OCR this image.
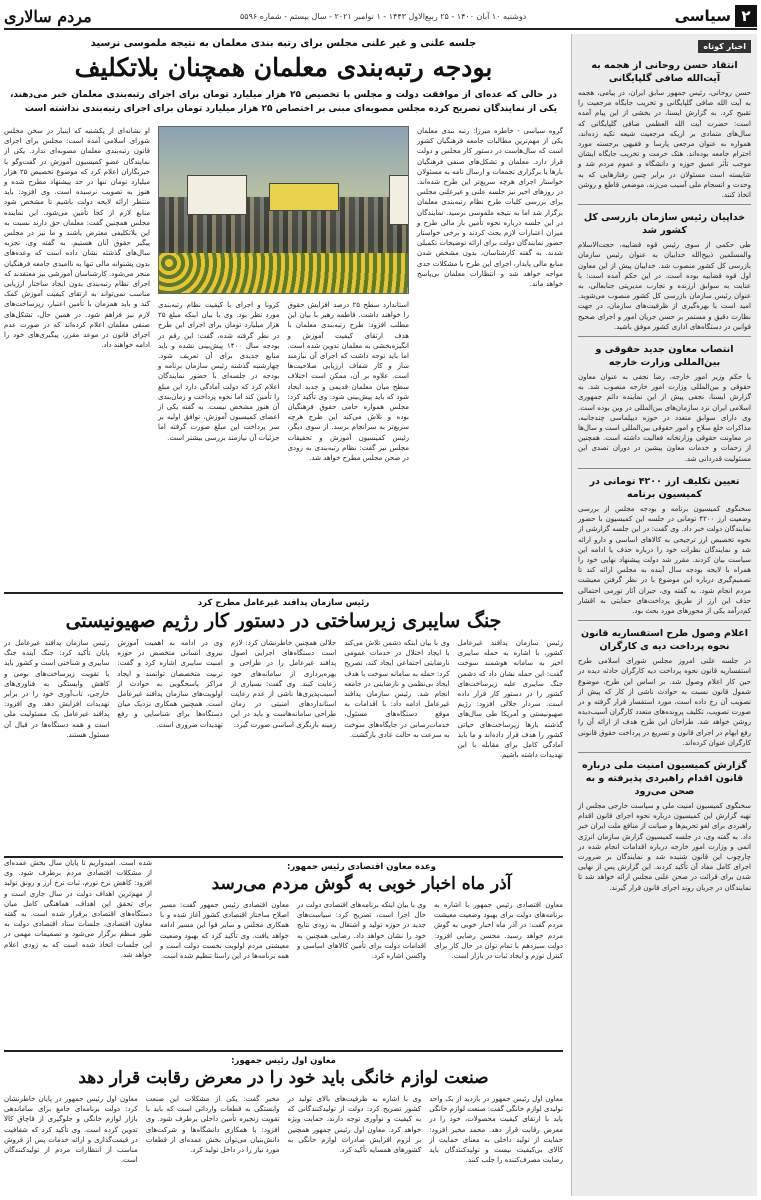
۲
سیاسی
دوشنبه ۱۰ آبان ۱۴۰۰ - ۲۵ ربیع‌الاول ۱۴۴۳ - ۱ نوامبر ۲۰۲۱ - سال بیستم - شماره ۵۵۹۶
مردم سالاری
اخبار کوتاه
انتقاد حسن روحانی از هجمه به آیت‌الله صافی گلپایگانی
حسن روحانی، رئیس جمهور سابق ایران، در پیامی، هجمه به آیت الله صافی گلپایگانی و تخریب جایگاه مرجعیت را تقبیح کرد. به گزارش ایسنا، در بخشی از این پیام آمده است: حضرت آیت الله العظمی صافی گلپایگانی که سال‌های متمادی بر اریکه مرجعیت شیعه تکیه زده‌اند، همواره به عنوان مرجعی پارسا و فقیهی برجسته مورد احترام جامعه بوده‌اند. هتک حرمت و تخریب جایگاه ایشان موجب تأثر عمیق حوزه و دانشگاه و عموم مردم شد و شایسته است مسئولان در برابر چنین رفتارهایی که به وحدت و انسجام ملی آسیب می‌زند، موضعی قاطع و روشن اتخاذ کنند.
خداپیان رئیس سازمان بازرسی کل کشور شد
طی حکمی از سوی رئیس قوه قضاییه، حجت‌الاسلام والمسلمین ذبیح‌الله خداییان به عنوان رئیس سازمان بازرسی کل کشور منصوب شد. خداییان پیش از این معاون اول قوه قضاییه بوده است. در این حکم آمده است: با عنایت به سوابق ارزنده و تجارب مدیریتی جنابعالی، به عنوان رئیس سازمان بازرسی کل کشور منصوب می‌شوید. امید است با بهره‌گیری از ظرفیت‌های سازمان، در جهت نظارت دقیق و مستمر بر حسن جریان امور و اجرای صحیح قوانین در دستگاه‌های اداری کشور موفق باشید.
انتصاب معاون جدید حقوقی و بین‌المللی وزارت خارجه
با حکم وزیر امور خارجه، رضا نجفی به عنوان معاون حقوقی و بین‌المللی وزارت امور خارجه منصوب شد. به گزارش ایسنا، نجفی پیش از این نماینده دائم جمهوری اسلامی ایران نزد سازمان‌های بین‌المللی در وین بوده است. وی دارای سوابق متعدد در حوزه دیپلماسی چندجانبه، مذاکرات خلع سلاح و امور حقوقی بین‌المللی است و سال‌ها در معاونت حقوقی وزارتخانه فعالیت داشته است. همچنین از زحمات و خدمات معاون پیشین در دوران تصدی این مسئولیت قدردانی شد.
تعیین تکلیف ارز ۴۲۰۰ تومانی در کمیسیون برنامه
سخنگوی کمیسیون برنامه و بودجه مجلس از بررسی وضعیت ارز ۴۲۰۰ تومانی در جلسه این کمیسیون با حضور نمایندگان دولت خبر داد. وی گفت: در این جلسه گزارشی از نحوه تخصیص ارز ترجیحی به کالاهای اساسی و دارو ارائه شد و نمایندگان نظرات خود را درباره حذف یا ادامه این سیاست بیان کردند. مقرر شد دولت پیشنهاد نهایی خود را همراه با لایحه بودجه سال آینده به مجلس ارائه کند تا تصمیم‌گیری درباره این موضوع با در نظر گرفتن معیشت مردم انجام شود. به گفته وی، جبران آثار تورمی احتمالی حذف این ارز از طریق پرداخت‌های حمایتی به اقشار کم‌درآمد یکی از محورهای مورد بحث بود.
اعلام وصول طرح استفساریه قانون نحوه پرداخت دیه ی کارگران
در جلسه علنی امروز مجلس شورای اسلامی طرح استفساریه قانون نحوه پرداخت دیه کارگران حادثه دیده در حین کار اعلام وصول شد. بر اساس این طرح، موضوع شمول قانون نسبت به حوادث ناشی از کار که پیش از تصویب آن رخ داده است، مورد استفسار قرار گرفته و در صورت تصویب، تکلیف پرونده‌های متعدد کارگران آسیب‌دیده روشن خواهد شد. طراحان این طرح هدف از ارائه آن را رفع ابهام در اجرای قانون و تسریع در پرداخت حقوق قانونی کارگران عنوان کرده‌اند.
گزارش کمیسیون امنیت ملی درباره قانون اقدام راهبردی پذیرفته و به صحن می‌رود
سخنگوی کمیسیون امنیت ملی و سیاست خارجی مجلس از تهیه گزارش این کمیسیون درباره نحوه اجرای قانون اقدام راهبردی برای لغو تحریم‌ها و صیانت از منافع ملت ایران خبر داد. به گفته وی، در جلسه کمیسیون گزارش سازمان انرژی اتمی و وزارت امور خارجه درباره اقدامات انجام شده در چارچوب این قانون شنیده شد و نمایندگان بر ضرورت اجرای کامل مفاد آن تأکید کردند. این گزارش پس از نهایی شدن برای قرائت در صحن علنی مجلس ارائه خواهد شد تا نمایندگان در جریان روند اجرای قانون قرار گیرند.
جلسه علنی و غیر علنی مجلس برای رتبه بندی معلمان به نتیجه ملموسی نرسید
بودجه رتبه‌بندی معلمان همچنان بلاتکلیف
در حالی که عده‌ای از موافقت دولت و مجلس با تخصیص ۲۵ هزار میلیارد تومان برای اجرای رتبه‌بندی معلمان خبر می‌دهند، یکی از نمایندگان تصریح کرده مجلس مصوبه‌ای مبنی بر اختصاص ۲۵ هزار میلیارد تومان برای اجرای رتبه‌بندی نداشته است
گروه سیاسی - خاطره میرزا: رتبه بندی معلمان یکی از مهم‌ترین مطالبات جامعه فرهنگیان کشور است که سال‌هاست در دستور کار مجلس و دولت قرار دارد. معلمان و تشکل‌های صنفی فرهنگیان بارها با برگزاری تجمعات و ارسال نامه به مسئولان خواستار اجرای هرچه سریع‌تر این طرح شده‌اند. در روزهای اخیر نیز جلسه علنی و غیرعلنی مجلس برای بررسی کلیات طرح نظام رتبه‌بندی معلمان برگزار شد اما به نتیجه ملموسی نرسید. نمایندگان در این جلسه درباره نحوه تأمین بار مالی طرح و میزان اعتبارات لازم بحث کردند و برخی خواستار حضور نمایندگان دولت برای ارائه توضیحات تکمیلی شدند. به گفته کارشناسان، بدون مشخص شدن منابع مالی پایدار، اجرای این طرح با مشکلات جدی مواجه خواهد شد و انتظارات معلمان بی‌پاسخ خواهد ماند.
استاندارد سطح ۲۵ درصد افزایش حقوق را خواهند داشت. فاطمه رهبر با بیان این مطلب افزود: طرح رتبه‌بندی معلمان با هدف ارتقای کیفیت آموزش و انگیزه‌بخشی به معلمان تدوین شده است. اما باید توجه داشت که اجرای آن نیازمند ساز و کار شفاف ارزیابی صلاحیت‌ها است. علاوه بر آن، ممکن است اختلاف سطح میان معلمان قدیمی و جدید ایجاد شود که باید پیش‌بینی شود. وی تأکید کرد: مجلس همواره حامی حقوق فرهنگیان بوده و تلاش می‌کند این طرح هرچه سریع‌تر به سرانجام برسد. از سوی دیگر، رئیس کمیسیون آموزش و تحقیقات مجلس نیز گفت: نظام رتبه‌بندی به زودی در صحن مجلس مطرح خواهد شد.
کرونا و اجرای با کیفیت نظام رتبه‌بندی مورد نظر بود. وی با بیان اینکه مبلغ ۲۵ هزار میلیارد تومان برای اجرای این طرح در نظر گرفته شده، گفت: این رقم در بودجه سال ۱۴۰۰ پیش‌بینی نشده و باید منابع جدیدی برای آن تعریف شود. چهارشنبه گذشته رئیس سازمان برنامه و بودجه در جلسه‌ای با حضور نمایندگان اعلام کرد که دولت آمادگی دارد این مبلغ را تأمین کند اما نحوه پرداخت و زمان‌بندی آن هنوز مشخص نیست. به گفته یکی از اعضای کمیسیون آموزش، توافق اولیه بر سر پرداخت این مبلغ صورت گرفته اما جزئیات آن نیازمند بررسی بیشتر است.
او نشانه‌ای از یکشنبه که اینبار در سخن مجلس شورای اسلامی آمده است: مجلس برای اجرای قانون رتبه‌بندی معلمان مصوبه‌ای ندارد. یکی از نمایندگان عضو کمیسیون آموزش در گفت‌وگو با خبرنگاران اعلام کرد که موضوع تخصیص ۲۵ هزار میلیارد تومان تنها در حد پیشنهاد مطرح شده و هنوز به تصویب نرسیده است. وی افزود: باید منتظر ارائه لایحه دولت باشیم تا مشخص شود منابع لازم از کجا تأمین می‌شود. این نماینده مجلس همچنین گفت: معلمان حق دارند نسبت به این بلاتکلیفی معترض باشند و ما نیز در مجلس پیگیر حقوق آنان هستیم. به گفته وی، تجربه سال‌های گذشته نشان داده است که وعده‌های بدون پشتوانه مالی تنها به ناامیدی جامعه فرهنگیان منجر می‌شود. کارشناسان آموزشی نیز معتقدند که اجرای نظام رتبه‌بندی بدون ایجاد ساختار ارزیابی مناسب نمی‌تواند به ارتقای کیفیت آموزش کمک کند و باید همزمان با تأمین اعتبار، زیرساخت‌های لازم نیز فراهم شود. در همین حال، تشکل‌های صنفی معلمان اعلام کرده‌اند که در صورت عدم اجرای قانون در موعد مقرر، پیگیری‌های خود را ادامه خواهند داد.
رئیس سازمان پدافند غیرعامل مطرح کرد
جنگ سایبری زیرساختی در دستور کار رژیم صهیونیستی
رئیس سازمان پدافند غیرعامل کشور، با اشاره به حمله سایبری اخیر به سامانه هوشمند سوخت گفت: این حمله نشان داد که دشمن جنگ سایبری علیه زیرساخت‌های کشور را در دستور کار قرار داده است. سردار جلالی افزود: رژیم صهیونیستی و آمریکا طی سال‌های گذشته بارها زیرساخت‌های حیاتی کشور را هدف قرار داده‌اند و ما باید آمادگی کامل برای مقابله با این تهدیدات داشته باشیم.
وی با بیان اینکه دشمن تلاش می‌کند با ایجاد اختلال در خدمات عمومی نارضایتی اجتماعی ایجاد کند، تصریح کرد: حمله به سامانه سوخت با هدف ایجاد بی‌نظمی و نارضایتی در جامعه انجام شد. رئیس سازمان پدافند غیرعامل ادامه داد: با اقدامات به موقع دستگاه‌های مسئول، خدمات‌رسانی در جایگاه‌های سوخت به سرعت به حالت عادی بازگشت.
جلالی همچنین خاطرنشان کرد: لازم است دستگاه‌های اجرایی اصول پدافند غیرعامل را در طراحی و بهره‌برداری از سامانه‌های خود رعایت کنند. وی گفت: بسیاری از آسیب‌پذیری‌ها ناشی از عدم رعایت استانداردهای امنیتی در زمان طراحی سامانه‌هاست و باید در این زمینه بازنگری اساسی صورت گیرد.
وی در ادامه به اهمیت آموزش نیروی انسانی متخصص در حوزه امنیت سایبری اشاره کرد و گفت: تربیت متخصصان توانمند و ایجاد مراکز پاسخگویی به حوادث از اولویت‌های سازمان پدافند غیرعامل است. همچنین همکاری نزدیک میان دستگاه‌ها برای شناسایی و رفع تهدیدات ضروری است.
رئیس سازمان پدافند غیرعامل در پایان تأکید کرد: جنگ آینده جنگ سایبری و شناختی است و کشور باید با تقویت زیرساخت‌های بومی و کاهش وابستگی به فناوری‌های خارجی، تاب‌آوری خود را در برابر تهدیدات افزایش دهد. وی افزود: پدافند غیرعامل یک مسئولیت ملی است و همه دستگاه‌ها در قبال آن مسئول هستند.
وعده معاون اقتصادی رئیس جمهور:
آذر ماه اخبار خوبی به گوش مردم می‌رسد
معاون اقتصادی رئیس جمهور با اشاره به برنامه‌های دولت برای بهبود وضعیت معیشت مردم گفت: در آذر ماه اخبار خوبی به گوش مردم خواهد رسید. محسن رضایی افزود: دولت سیزدهم با تمام توان در حال کار برای کنترل تورم و ایجاد ثبات در بازار است.
وی با بیان اینکه برنامه‌های اقتصادی دولت در حال اجرا است، تصریح کرد: سیاست‌های جدید در حوزه تولید و اشتغال به زودی نتایج خود را نشان خواهد داد. رضایی همچنین به اقدامات دولت برای تأمین کالاهای اساسی و واکسن اشاره کرد.
معاون اقتصادی رئیس جمهور گفت: مسیر اصلاح ساختار اقتصادی کشور آغاز شده و با همکاری مجلس و سایر قوا این مسیر ادامه خواهد یافت. وی تأکید کرد که بهبود وضعیت معیشتی مردم اولویت نخست دولت است و همه برنامه‌ها در این راستا تنظیم شده است.
شده است. امیدواریم تا پایان سال بخش عمده‌ای از مشکلات اقتصادی مردم برطرف شود. وی افزود: کاهش نرخ تورم، ثبات نرخ ارز و رونق تولید از مهم‌ترین اهداف دولت در سال جاری است و برای تحقق این اهداف، هماهنگی کامل میان دستگاه‌های اقتصادی برقرار شده است. به گفته معاون اقتصادی، جلسات ستاد اقتصادی دولت به طور منظم برگزار می‌شود و تصمیمات مهمی در این جلسات اتخاذ شده است که به زودی اعلام خواهد شد.
معاون اول رئیس جمهور:
صنعت لوازم خانگی باید خود را در معرض رقابت قرار دهد
معاون اول رئیس جمهور در بازدید از یک واحد تولیدی لوازم خانگی گفت: صنعت لوازم خانگی باید با ارتقای کیفیت محصولات، خود را در معرض رقابت قرار دهد. محمد مخبر افزود: حمایت از تولید داخلی به معنای حمایت از کالای بی‌کیفیت نیست و تولیدکنندگان باید رضایت مصرف‌کننده را جلب کنند.
وی با اشاره به ظرفیت‌های بالای تولید در کشور تصریح کرد: دولت از تولیدکنندگانی که به کیفیت و نوآوری توجه دارند، حمایت ویژه خواهد کرد. معاون اول رئیس جمهور همچنین بر لزوم افزایش صادرات لوازم خانگی به کشورهای همسایه تأکید کرد.
مخبر گفت: یکی از مشکلات این صنعت وابستگی به قطعات وارداتی است که باید با تقویت زنجیره تأمین داخلی برطرف شود. وی افزود: با همکاری دانشگاه‌ها و شرکت‌های دانش‌بنیان می‌توان بخش عمده‌ای از قطعات مورد نیاز را در داخل تولید کرد.
معاون اول رئیس جمهور در پایان خاطرنشان کرد: دولت برنامه‌ای جامع برای ساماندهی بازار لوازم خانگی و جلوگیری از قاچاق کالا تدوین کرده است. وی تأکید کرد که شفافیت در قیمت‌گذاری و ارائه خدمات پس از فروش مناسب از انتظارات مردم از تولیدکنندگان است.
